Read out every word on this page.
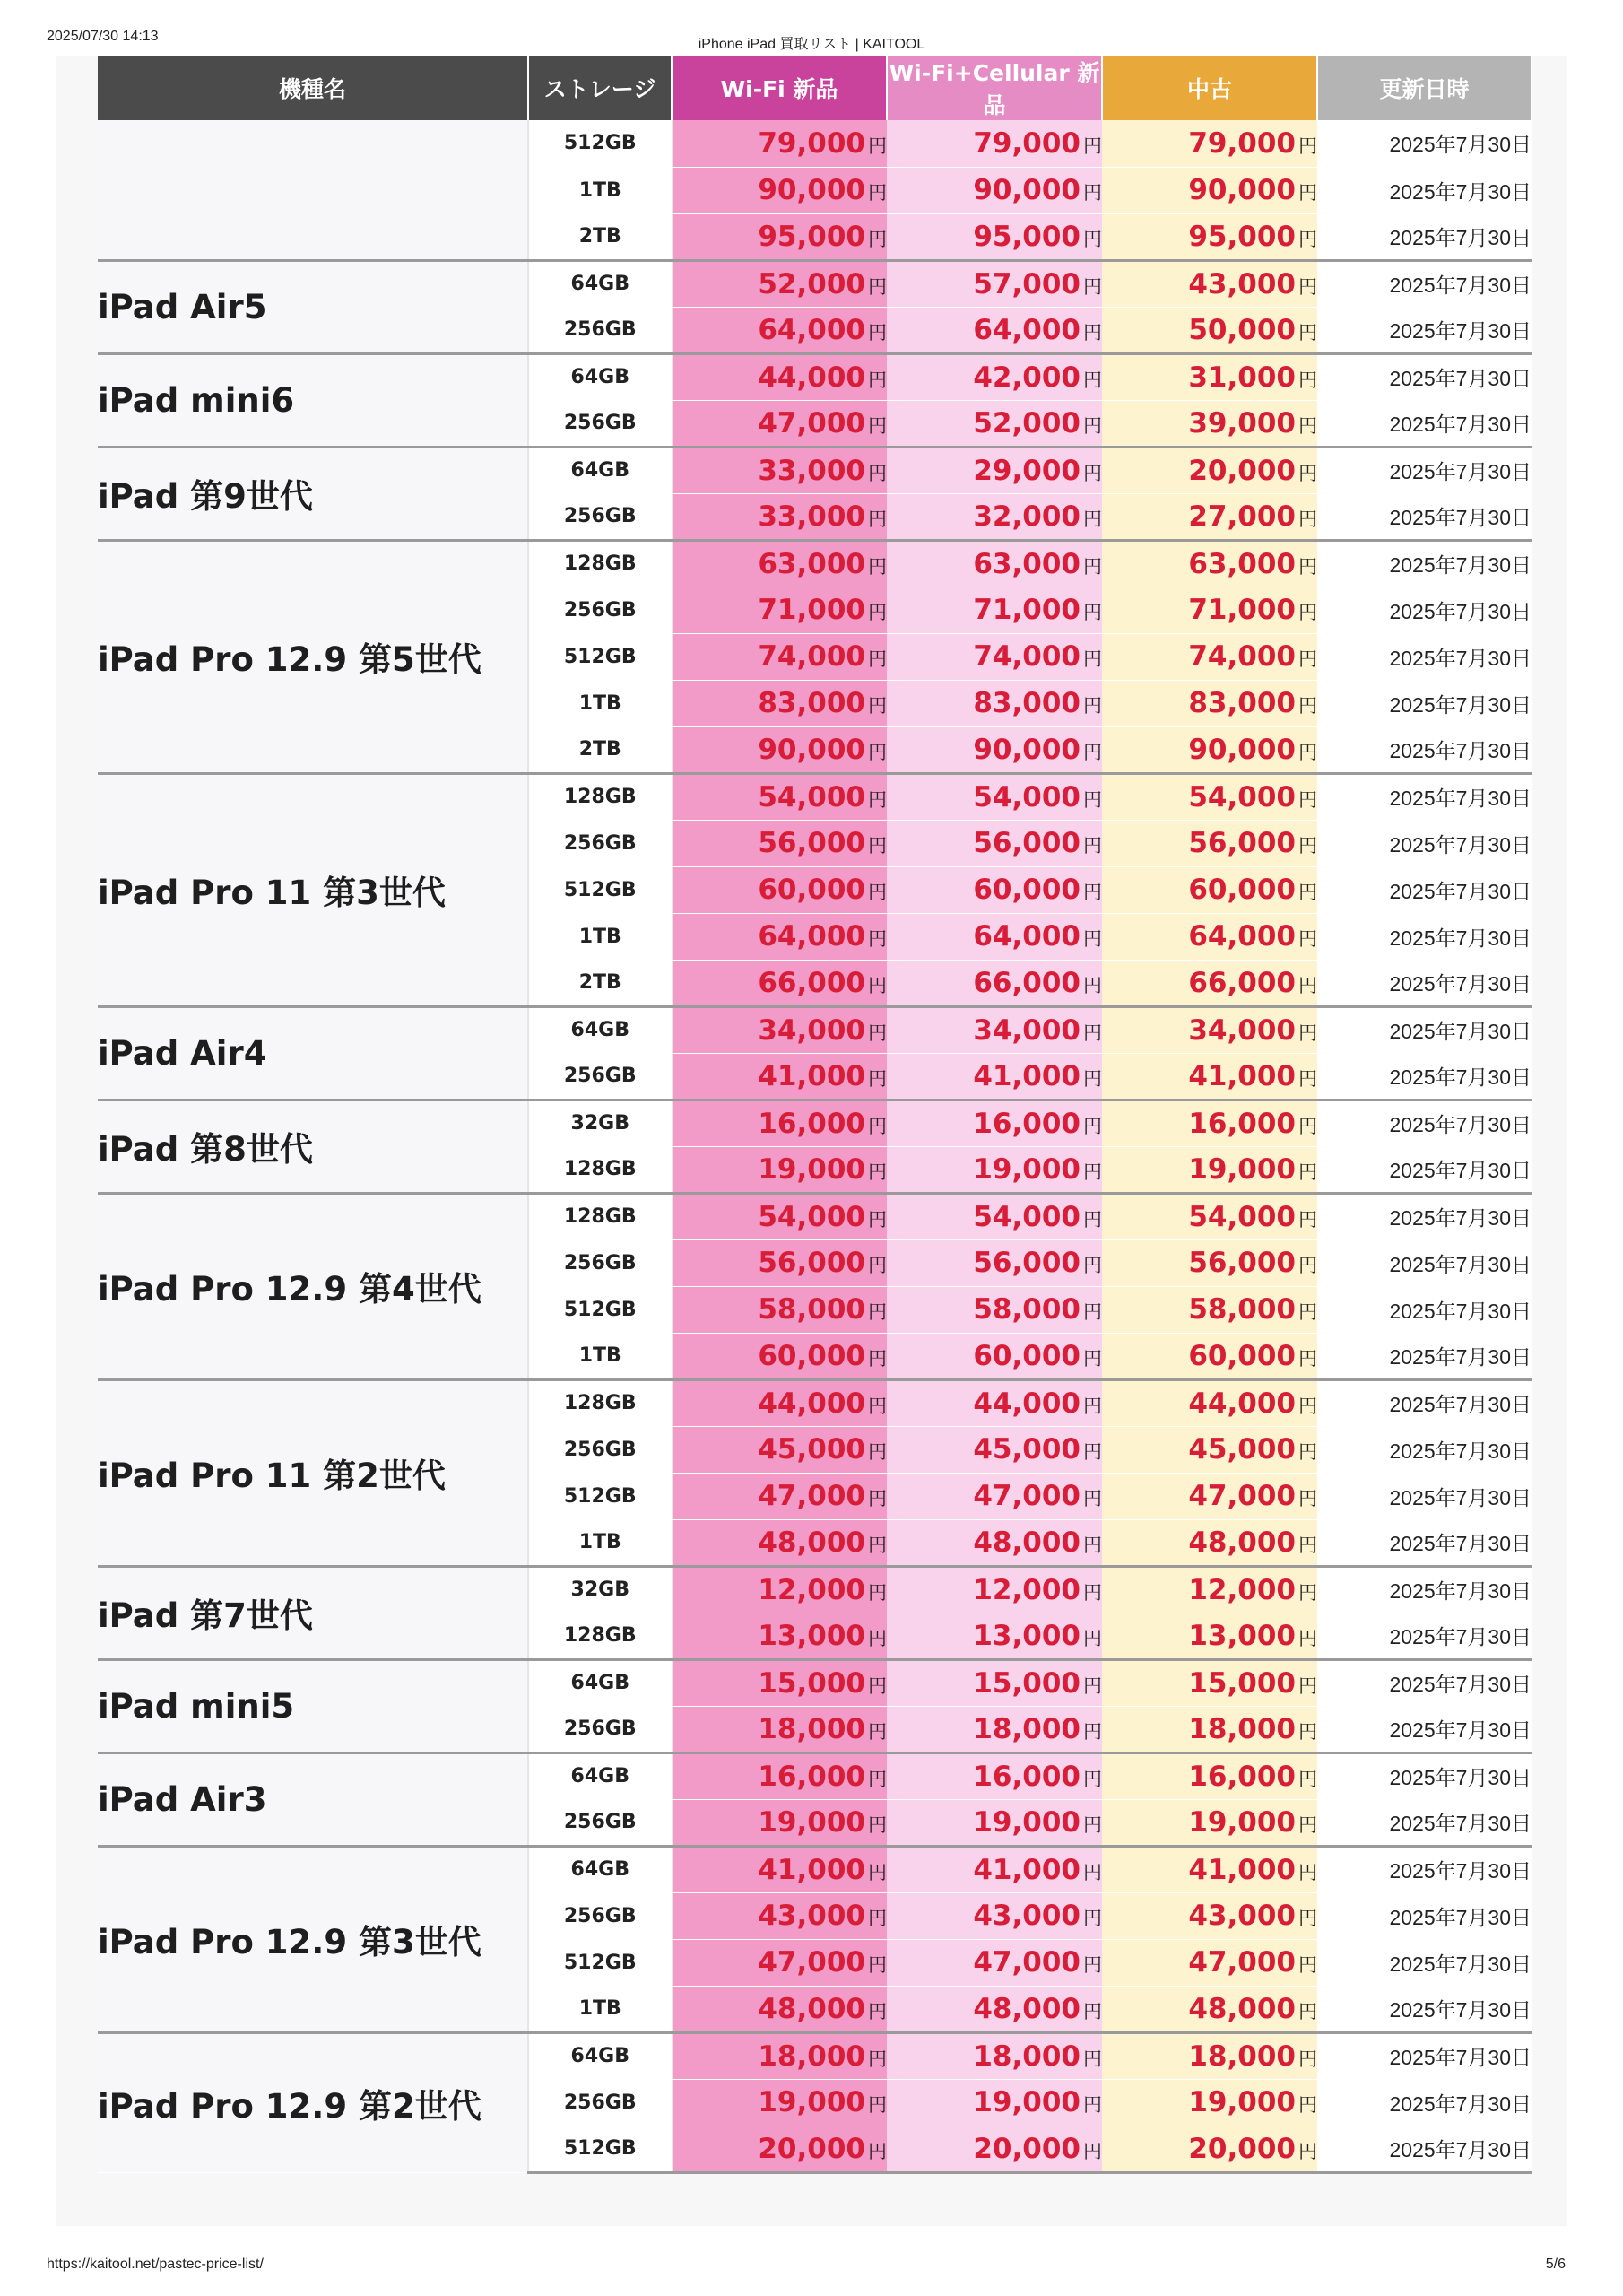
2025/07/30 14:13
iPhone iPad 買取リスト | KAITOOL
機種名	ストレージ	Wi-Fi 新品	Wi-Fi+Cellular 新品	中古	更新日時
	512GB	79,000 円	79,000 円	79,000 円	2025年7月30日
	1TB	90,000 円	90,000 円	90,000 円	2025年7月30日
	2TB	95,000 円	95,000 円	95,000 円	2025年7月30日
iPad Air5	64GB	52,000 円	57,000 円	43,000 円	2025年7月30日
	256GB	64,000 円	64,000 円	50,000 円	2025年7月30日
iPad mini6	64GB	44,000 円	42,000 円	31,000 円	2025年7月30日
	256GB	47,000 円	52,000 円	39,000 円	2025年7月30日
iPad 第9世代	64GB	33,000 円	29,000 円	20,000 円	2025年7月30日
	256GB	33,000 円	32,000 円	27,000 円	2025年7月30日
iPad Pro 12.9 第5世代	128GB	63,000 円	63,000 円	63,000 円	2025年7月30日
	256GB	71,000 円	71,000 円	71,000 円	2025年7月30日
	512GB	74,000 円	74,000 円	74,000 円	2025年7月30日
	1TB	83,000 円	83,000 円	83,000 円	2025年7月30日
	2TB	90,000 円	90,000 円	90,000 円	2025年7月30日
iPad Pro 11 第3世代	128GB	54,000 円	54,000 円	54,000 円	2025年7月30日
	256GB	56,000 円	56,000 円	56,000 円	2025年7月30日
	512GB	60,000 円	60,000 円	60,000 円	2025年7月30日
	1TB	64,000 円	64,000 円	64,000 円	2025年7月30日
	2TB	66,000 円	66,000 円	66,000 円	2025年7月30日
iPad Air4	64GB	34,000 円	34,000 円	34,000 円	2025年7月30日
	256GB	41,000 円	41,000 円	41,000 円	2025年7月30日
iPad 第8世代	32GB	16,000 円	16,000 円	16,000 円	2025年7月30日
	128GB	19,000 円	19,000 円	19,000 円	2025年7月30日
iPad Pro 12.9 第4世代	128GB	54,000 円	54,000 円	54,000 円	2025年7月30日
	256GB	56,000 円	56,000 円	56,000 円	2025年7月30日
	512GB	58,000 円	58,000 円	58,000 円	2025年7月30日
	1TB	60,000 円	60,000 円	60,000 円	2025年7月30日
iPad Pro 11 第2世代	128GB	44,000 円	44,000 円	44,000 円	2025年7月30日
	256GB	45,000 円	45,000 円	45,000 円	2025年7月30日
	512GB	47,000 円	47,000 円	47,000 円	2025年7月30日
	1TB	48,000 円	48,000 円	48,000 円	2025年7月30日
iPad 第7世代	32GB	12,000 円	12,000 円	12,000 円	2025年7月30日
	128GB	13,000 円	13,000 円	13,000 円	2025年7月30日
iPad mini5	64GB	15,000 円	15,000 円	15,000 円	2025年7月30日
	256GB	18,000 円	18,000 円	18,000 円	2025年7月30日
iPad Air3	64GB	16,000 円	16,000 円	16,000 円	2025年7月30日
	256GB	19,000 円	19,000 円	19,000 円	2025年7月30日
iPad Pro 12.9 第3世代	64GB	41,000 円	41,000 円	41,000 円	2025年7月30日
	256GB	43,000 円	43,000 円	43,000 円	2025年7月30日
	512GB	47,000 円	47,000 円	47,000 円	2025年7月30日
	1TB	48,000 円	48,000 円	48,000 円	2025年7月30日
iPad Pro 12.9 第2世代	64GB	18,000 円	18,000 円	18,000 円	2025年7月30日
	256GB	19,000 円	19,000 円	19,000 円	2025年7月30日
	512GB	20,000 円	20,000 円	20,000 円	2025年7月30日
https://kaitool.net/pastec-price-list/	5/6
